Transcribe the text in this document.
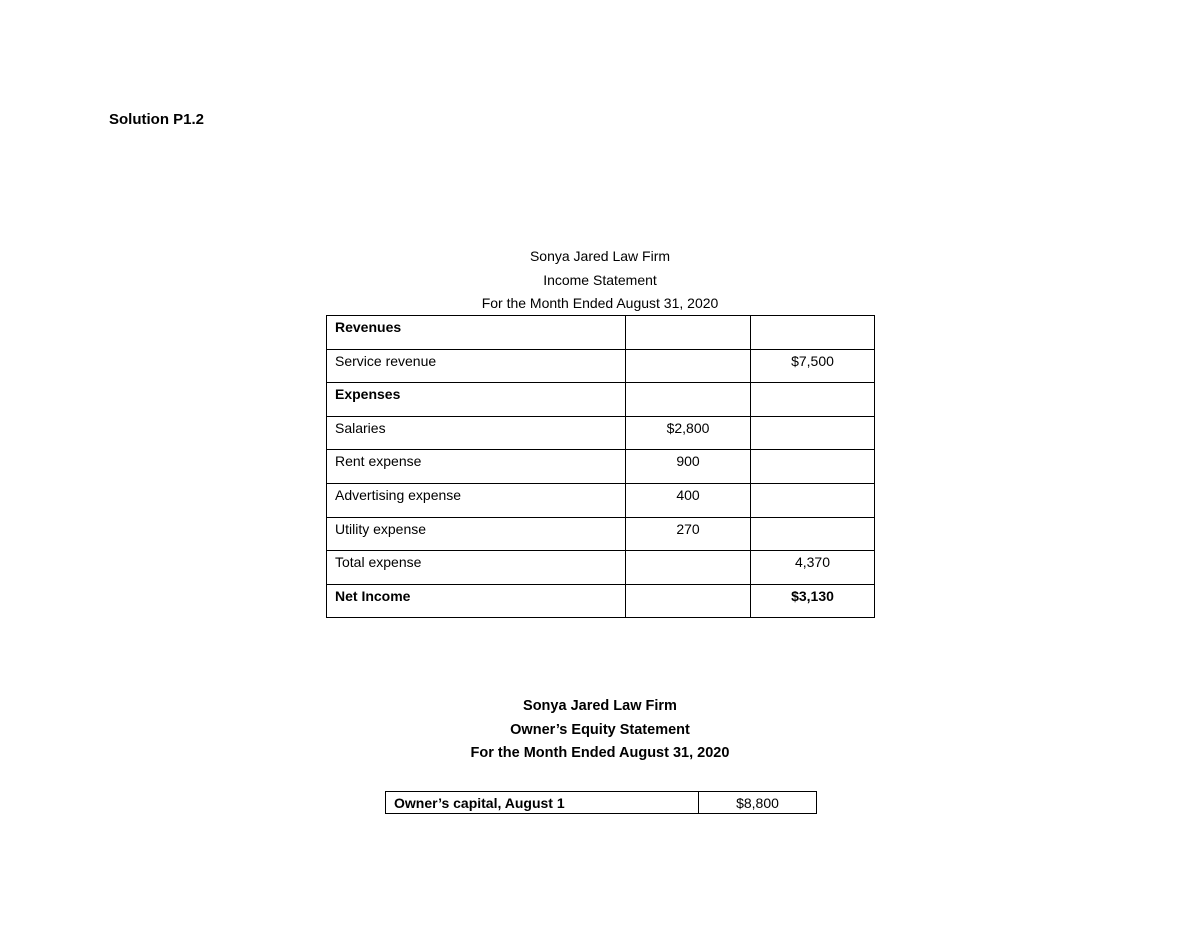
Solution P1.2
Sonya Jared Law Firm
Income Statement
For the Month Ended August 31, 2020
Revenues		
Service revenue		$7,500
Expenses		
Salaries	$2,800	
Rent expense	900	
Advertising expense	400	
Utility expense	270	
Total expense		4,370
Net Income		$3,130
Sonya Jared Law Firm
Owner’s Equity Statement
For the Month Ended August 31, 2020
Owner’s capital, August 1	$8,800
